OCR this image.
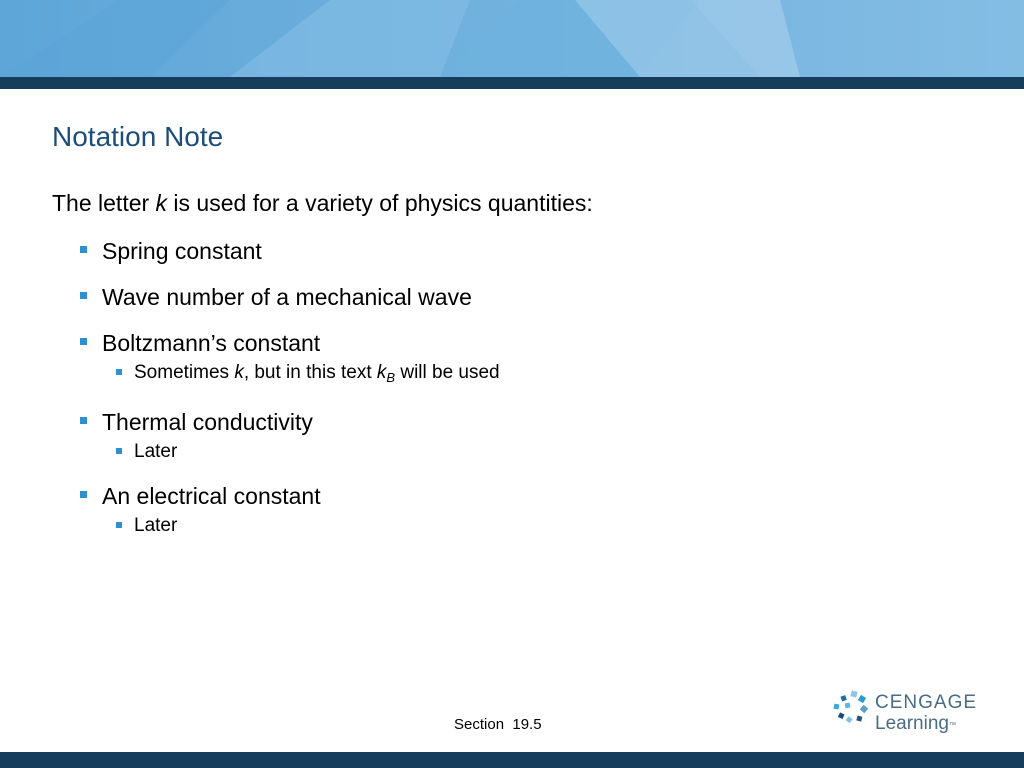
Notation Note
The letter k is used for a variety of physics quantities:
Spring constant
Wave number of a mechanical wave
Boltzmann’s constant
Sometimes k, but in this text $k_B$ will be used
Thermal conductivity
Later
An electrical constant
Later
Section  19.5
CENGAGE
Learning™
